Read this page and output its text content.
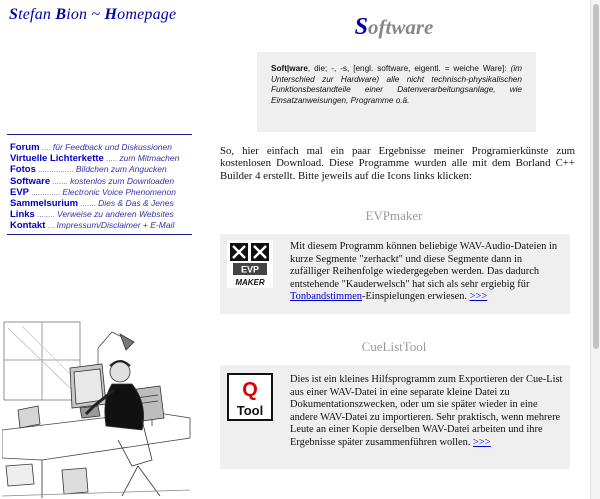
Stefan Bion ~ Homepage
Forum .... für Feedback und Diskussionen
Virtuelle Lichterkette ..... zum Mitmachen
Fotos ................ Bildchen zum Angucken
Software ....... kostenlos zum Downloaden
EVP ............. Electronic Voice Phenomenon
Sammelsurium ....... Dies & Das & Jenes
Links ........ Verweise zu anderen Websites
Kontakt ... Impressum/Disclaimer + E-Mail
Software
Soft|ware, die; -, -s, [engl. software, eigentl. = weiche Ware]: (im Unterschied zur Hardware) alle nicht technisch-physikalischen Funktionsbestandteile einer Datenverarbeitungsanlage, wie Einsatzanweisungen, Programme o.ä.
So, hier einfach mal ein paar Ergebnisse meiner Programierkünste zum kostenlosen Download. Diese Programme wurden alle mit dem Borland C++ Builder 4 erstellt. Bitte jeweils auf die Icons links klicken:
EVPmaker
EVP
MAKER
Mit diesem Programm können beliebige WAV-Audio-Dateien in kurze Segmente "zerhackt" und diese Segmente dann in zufälliger Reihenfolge wiedergegeben werden. Das dadurch entstehende "Kauderwelsch" hat sich als sehr ergiebig für Tonbandstimmen-Einspielungen erwiesen. >>>
CueListTool
Q
Tool
Dies ist ein kleines Hilfsprogramm zum Exportieren der Cue-List aus einer WAV-Datei in eine separate kleine Datei zu Dokumentationszwecken, oder um sie später wieder in eine andere WAV-Datei zu importieren. Sehr praktisch, wenn mehrere Leute an einer Kopie derselben WAV-Datei arbeiten und ihre Ergebnisse später zusammenführen wollen. >>>
